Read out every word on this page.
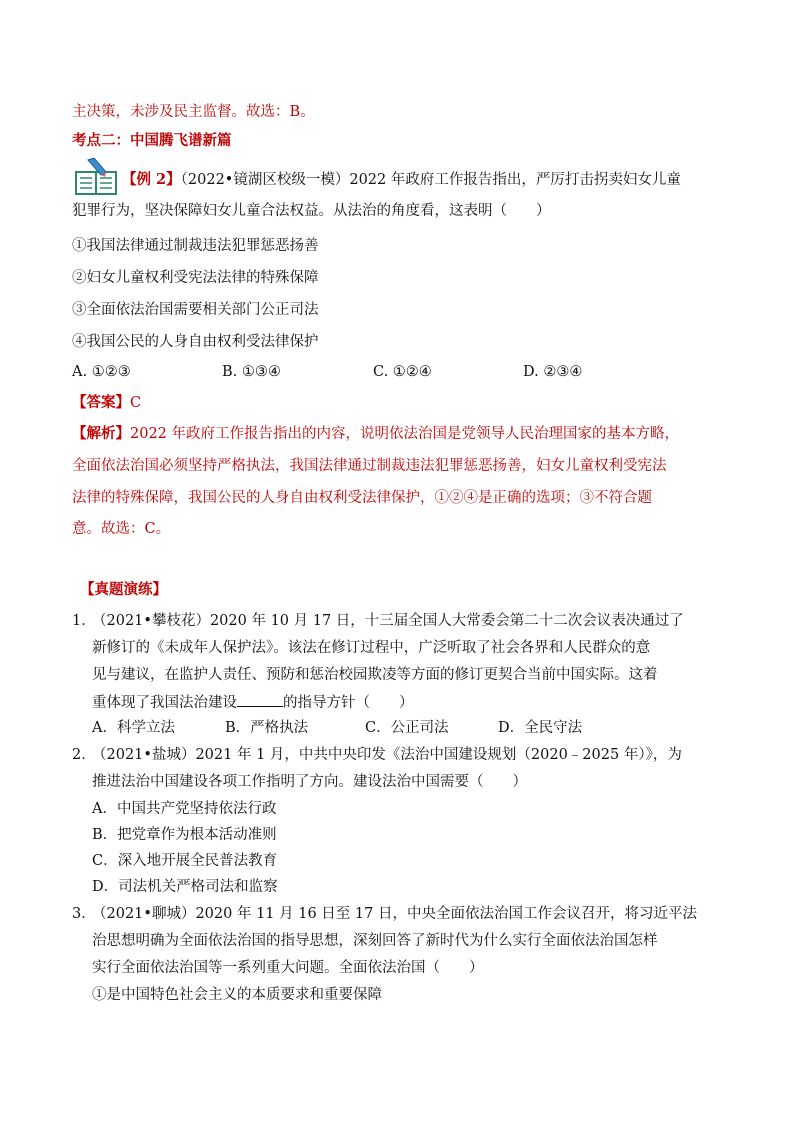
主决策，未涉及民主监督。故选：B。
考点二：中国腾飞谱新篇
【例 2】（2022•镜湖区校级一模）2022 年政府工作报告指出，严厉打击拐卖妇女儿童
犯罪行为，坚决保障妇女儿童合法权益。从法治的角度看，这表明（　　）
①我国法律通过制裁违法犯罪惩恶扬善
②妇女儿童权利受宪法法律的特殊保障
③全面依法治国需要相关部门公正司法
④我国公民的人身自由权利受法律保护
A. ①②③	B. ①③④	C. ①②④	D. ②③④
【答案】C
【解析】2022 年政府工作报告指出的内容，说明依法治国是党领导人民治理国家的基本方略，
全面依法治国必须坚持严格执法，我国法律通过制裁违法犯罪惩恶扬善，妇女儿童权利受宪法
法律的特殊保障，我国公民的人身自由权利受法律保护，①②④是正确的选项；③不符合题
意。故选：C。
【真题演练】
1．
（2021•攀枝花）2020 年 10 月 17 日，十三届全国人大常委会第二十二次会议表决通过了
新修订的《未成年人保护法》。该法在修订过程中，广泛听取了社会各界和人民群众的意
见与建议，在监护人责任、预防和惩治校园欺凌等方面的修订更契合当前中国实际。这着
重体现了我国法治建设	的指导方针（　　）
A．科学立法	B．严格执法	C．公正司法	D．全民守法
2．
（2021•盐城）2021 年 1 月，中共中央印发《法治中国建设规划（2020﹣2025 年）》，为
推进法治中国建设各项工作指明了方向。建设法治中国需要（　　）
A．中国共产党坚持依法行政
B．把党章作为根本活动准则
C．深入地开展全民普法教育
D．司法机关严格司法和监察
3．
（2021•聊城）2020 年 11 月 16 日至 17 日，中央全面依法治国工作会议召开，将习近平法
治思想明确为全面依法治国的指导思想，深刻回答了新时代为什么实行全面依法治国怎样
实行全面依法治国等一系列重大问题。全面依法治国（　　）
①是中国特色社会主义的本质要求和重要保障
